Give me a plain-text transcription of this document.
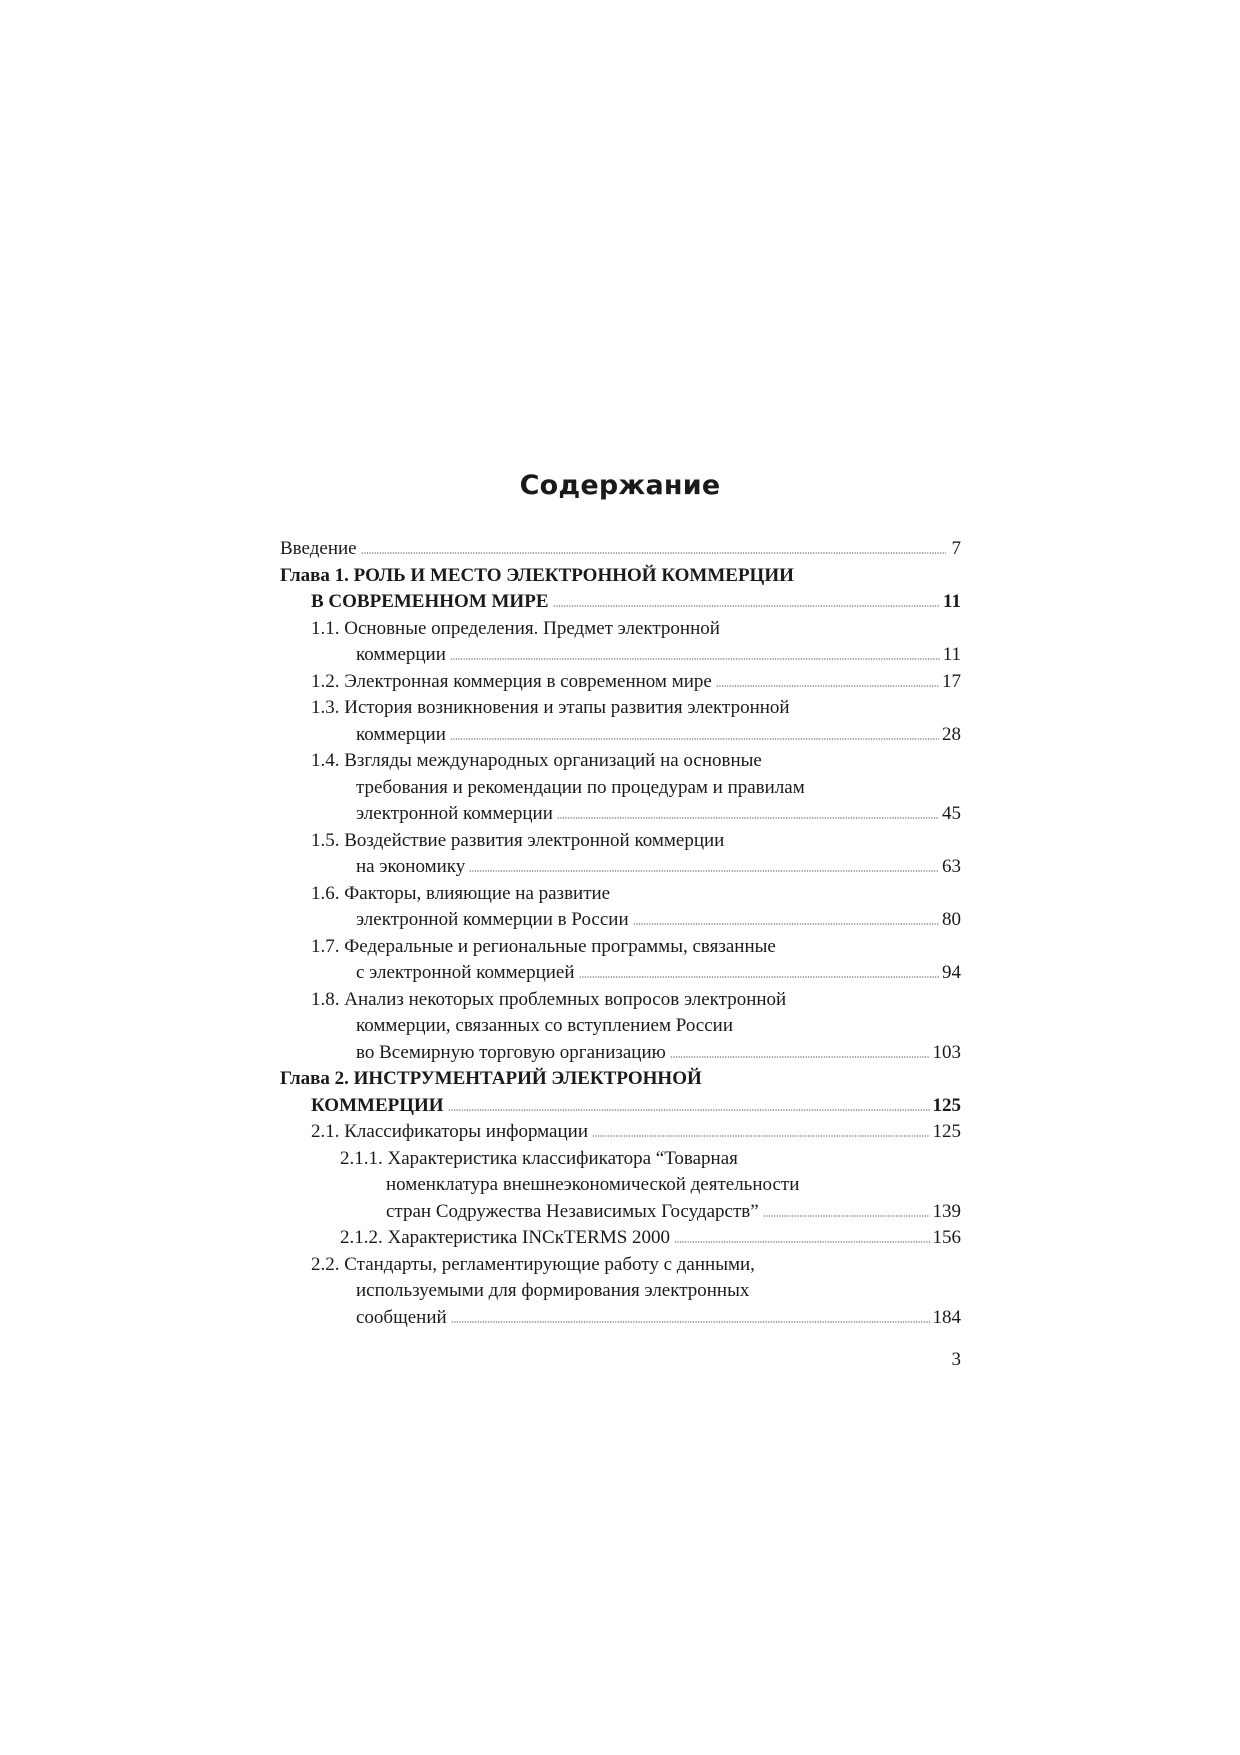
Содержание
Введение	7
Глава 1. РОЛЬ И МЕСТО ЭЛЕКТРОННОЙ КОММЕРЦИИ
В СОВРЕМЕННОМ МИРЕ	11
1.1. Основные определения. Предмет электронной
коммерции	11
1.2. Электронная коммерция в современном мире	17
1.3. История возникновения и этапы развития электронной
коммерции	28
1.4. Взгляды международных организаций на основные
требования и рекомендации по процедурам и правилам
электронной коммерции	45
1.5. Воздействие развития электронной коммерции
на экономику	63
1.6. Факторы, влияющие на развитие
электронной коммерции в России	80
1.7. Федеральные и региональные программы, связанные
с электронной коммерцией	94
1.8. Анализ некоторых проблемных вопросов электронной
коммерции, связанных со вступлением России
во Всемирную торговую организацию	103
Глава 2. ИНСТРУМЕНТАРИЙ ЭЛЕКТРОННОЙ
КОММЕРЦИИ	125
2.1. Классификаторы информации	125
2.1.1. Характеристика классификатора “Товарная
номенклатура внешнеэкономической деятельности
стран Содружества Независимых Государств”	139
2.1.2. Характеристика INCкTERMS 2000	156
2.2. Стандарты, регламентирующие работу с данными,
используемыми для формирования электронных
сообщений	184
3
